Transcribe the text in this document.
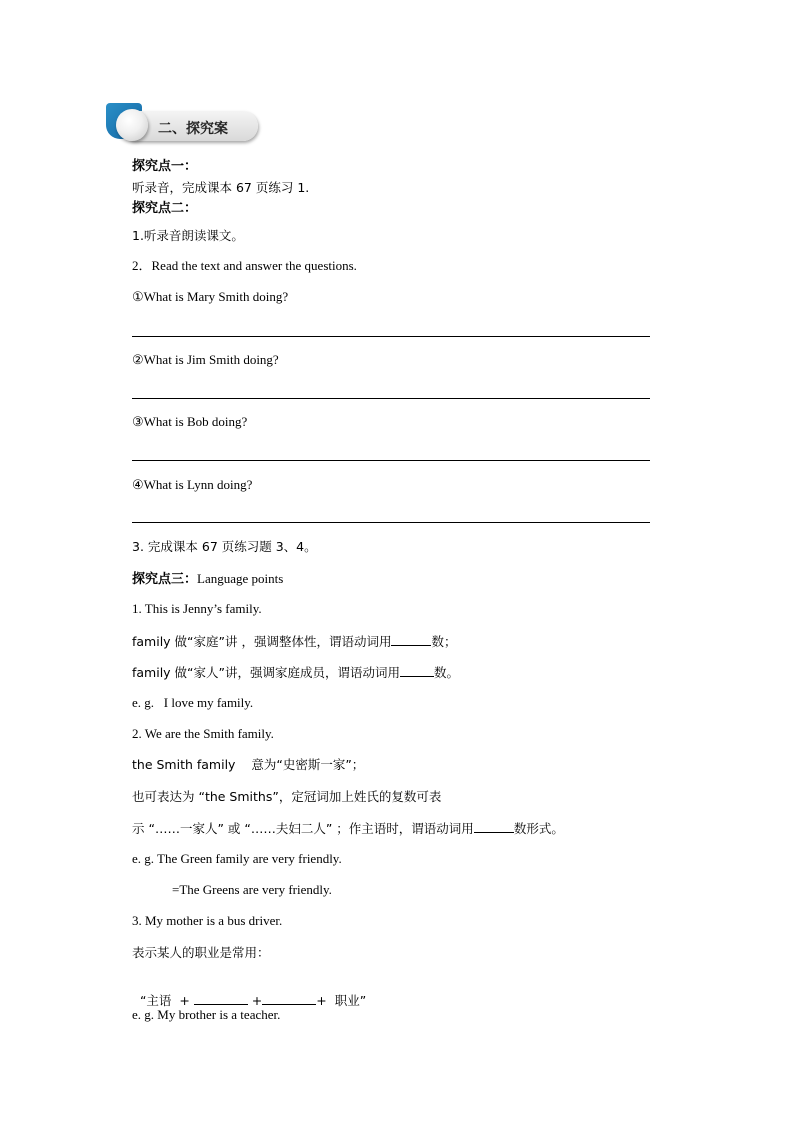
二、探究案
探究点一：
听录音，完成课本 67 页练习 1.
探究点二：
1.听录音朗读课文。
2．Read the text and answer the questions.
①What is Mary Smith doing?
②What is Jim Smith doing?
③What is Bob doing?
④What is Lynn doing?
3. 完成课本 67 页练习题 3、4。
探究点三：Language points
1. This is Jenny’s family.
family 做“家庭”讲 ，强调整体性，谓语动词用	数；
family 做“家人”讲，强调家庭成员，谓语动词用	数。
e. g.   I love my family.
2. We are the Smith family.
the Smith family    意为“史密斯一家”；
也可表达为 “the Smiths”，定冠词加上姓氏的复数可表
示 “……一家人” 或 “……夫妇二人” ；作主语时，谓语动词用	数形式。
e. g. The Green family are very friendly.
=The Greens are very friendly.
3. My mother is a bus driver.
表示某人的职业是常用：

“主语  +	+	+  职业”

e. g. My brother is a teacher.
